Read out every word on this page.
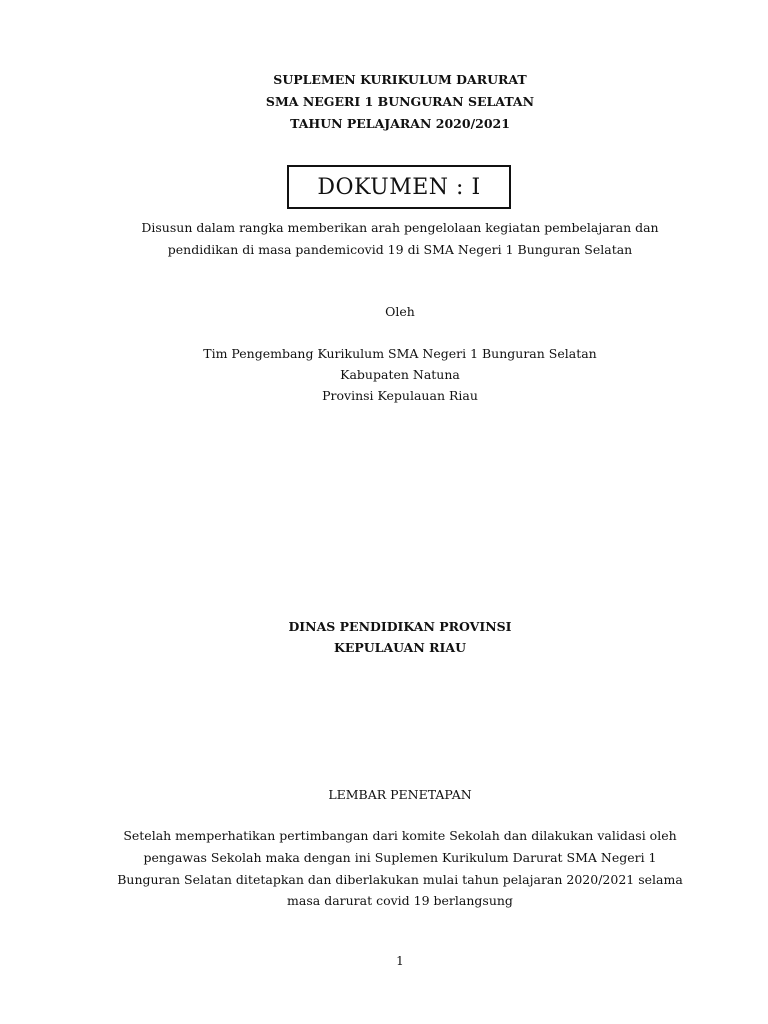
SUPLEMEN KURIKULUM DARURAT
SMA NEGERI 1 BUNGURAN SELATAN
TAHUN PELAJARAN 2020/2021
DOKUMEN : I
Disusun dalam rangka memberikan arah pengelolaan kegiatan pembelajaran dan
pendidikan di masa pandemicovid 19 di SMA Negeri 1 Bunguran Selatan
Oleh
Tim Pengembang Kurikulum SMA Negeri 1 Bunguran Selatan
Kabupaten Natuna
Provinsi Kepulauan Riau
DINAS PENDIDIKAN PROVINSI
KEPULAUAN RIAU
LEMBAR PENETAPAN
Setelah memperhatikan pertimbangan dari komite Sekolah dan dilakukan validasi oleh
pengawas Sekolah maka dengan ini Suplemen Kurikulum Darurat SMA Negeri 1
Bunguran Selatan ditetapkan dan diberlakukan mulai tahun pelajaran 2020/2021 selama
masa darurat covid 19 berlangsung
1
